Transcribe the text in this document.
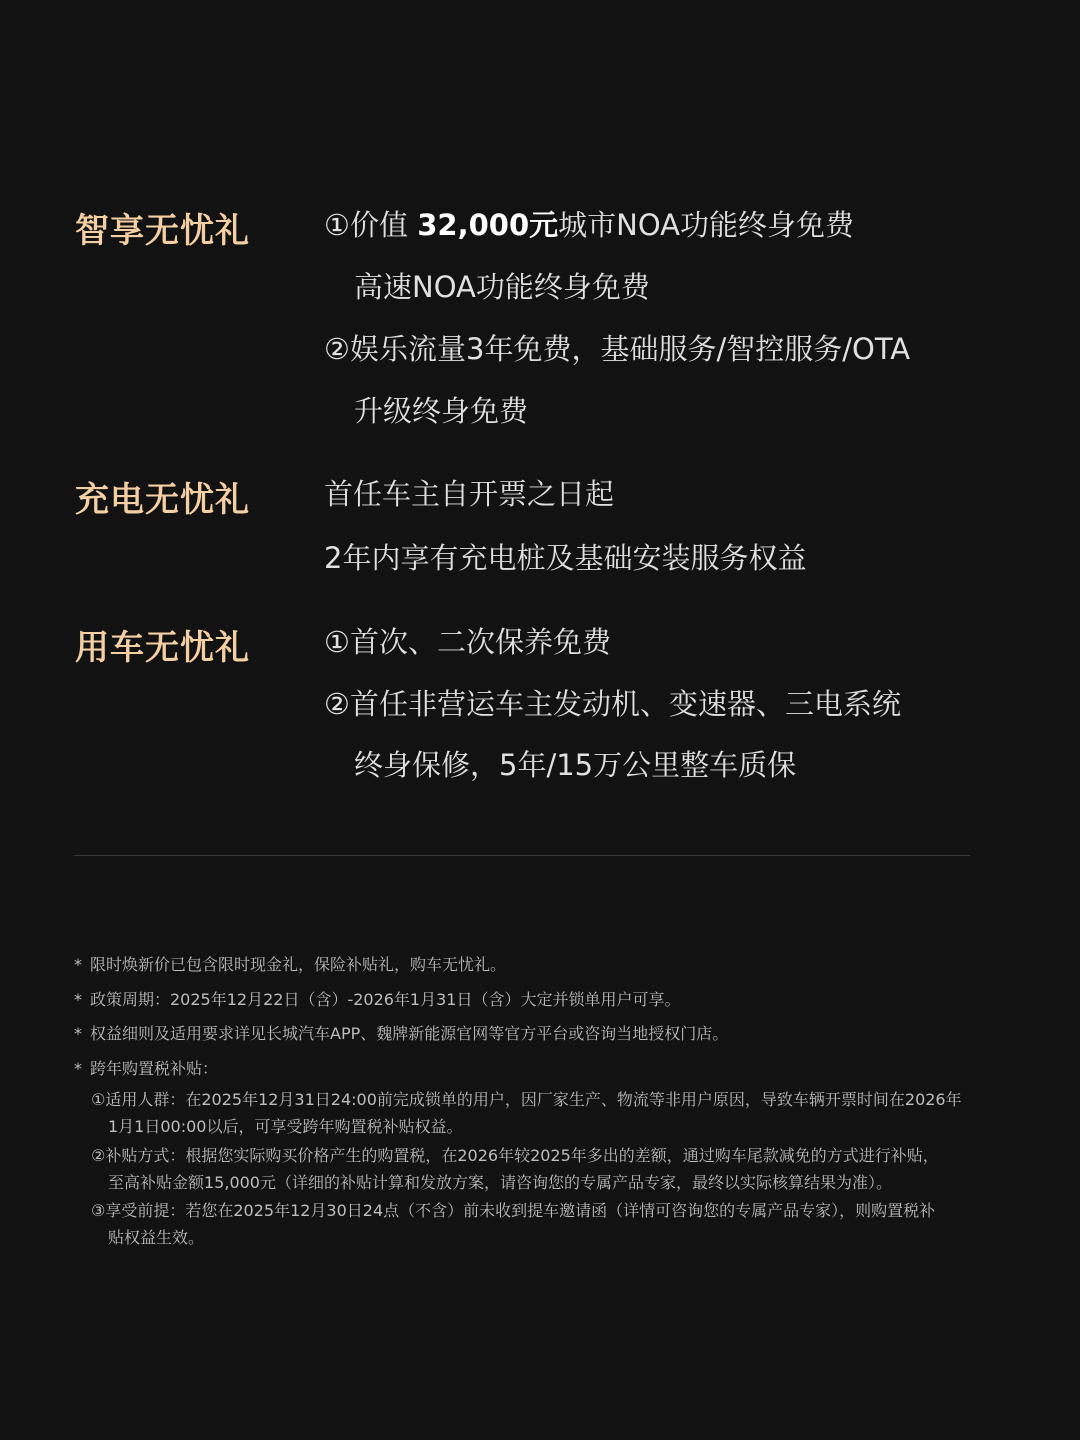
智享无忧礼	①价值 32,000元城市NOA功能终身免费
高速NOA功能终身免费
②娱乐流量3年免费，基础服务/智控服务/OTA
升级终身免费
充电无忧礼	首任车主自开票之日起
2年内享有充电桩及基础安装服务权益
用车无忧礼	①首次、二次保养免费
②首任非营运车主发动机、变速器、三电系统
终身保修，5年/15万公里整车质保
* 限时焕新价已包含限时现金礼，保险补贴礼，购车无忧礼。
* 政策周期：2025年12月22日（含）-2026年1月31日（含）大定并锁单用户可享。
* 权益细则及适用要求详见长城汽车APP、魏牌新能源官网等官方平台或咨询当地授权门店。
* 跨年购置税补贴：
①适用人群：在2025年12月31日24:00前完成锁单的用户，因厂家生产、物流等非用户原因，导致车辆开票时间在2026年
1月1日00:00以后，可享受跨年购置税补贴权益。
②补贴方式：根据您实际购买价格产生的购置税，在2026年较2025年多出的差额，通过购车尾款减免的方式进行补贴，
至高补贴金额15,000元（详细的补贴计算和发放方案，请咨询您的专属产品专家，最终以实际核算结果为准）。
③享受前提：若您在2025年12月30日24点（不含）前未收到提车邀请函（详情可咨询您的专属产品专家），则购置税补
贴权益生效。
